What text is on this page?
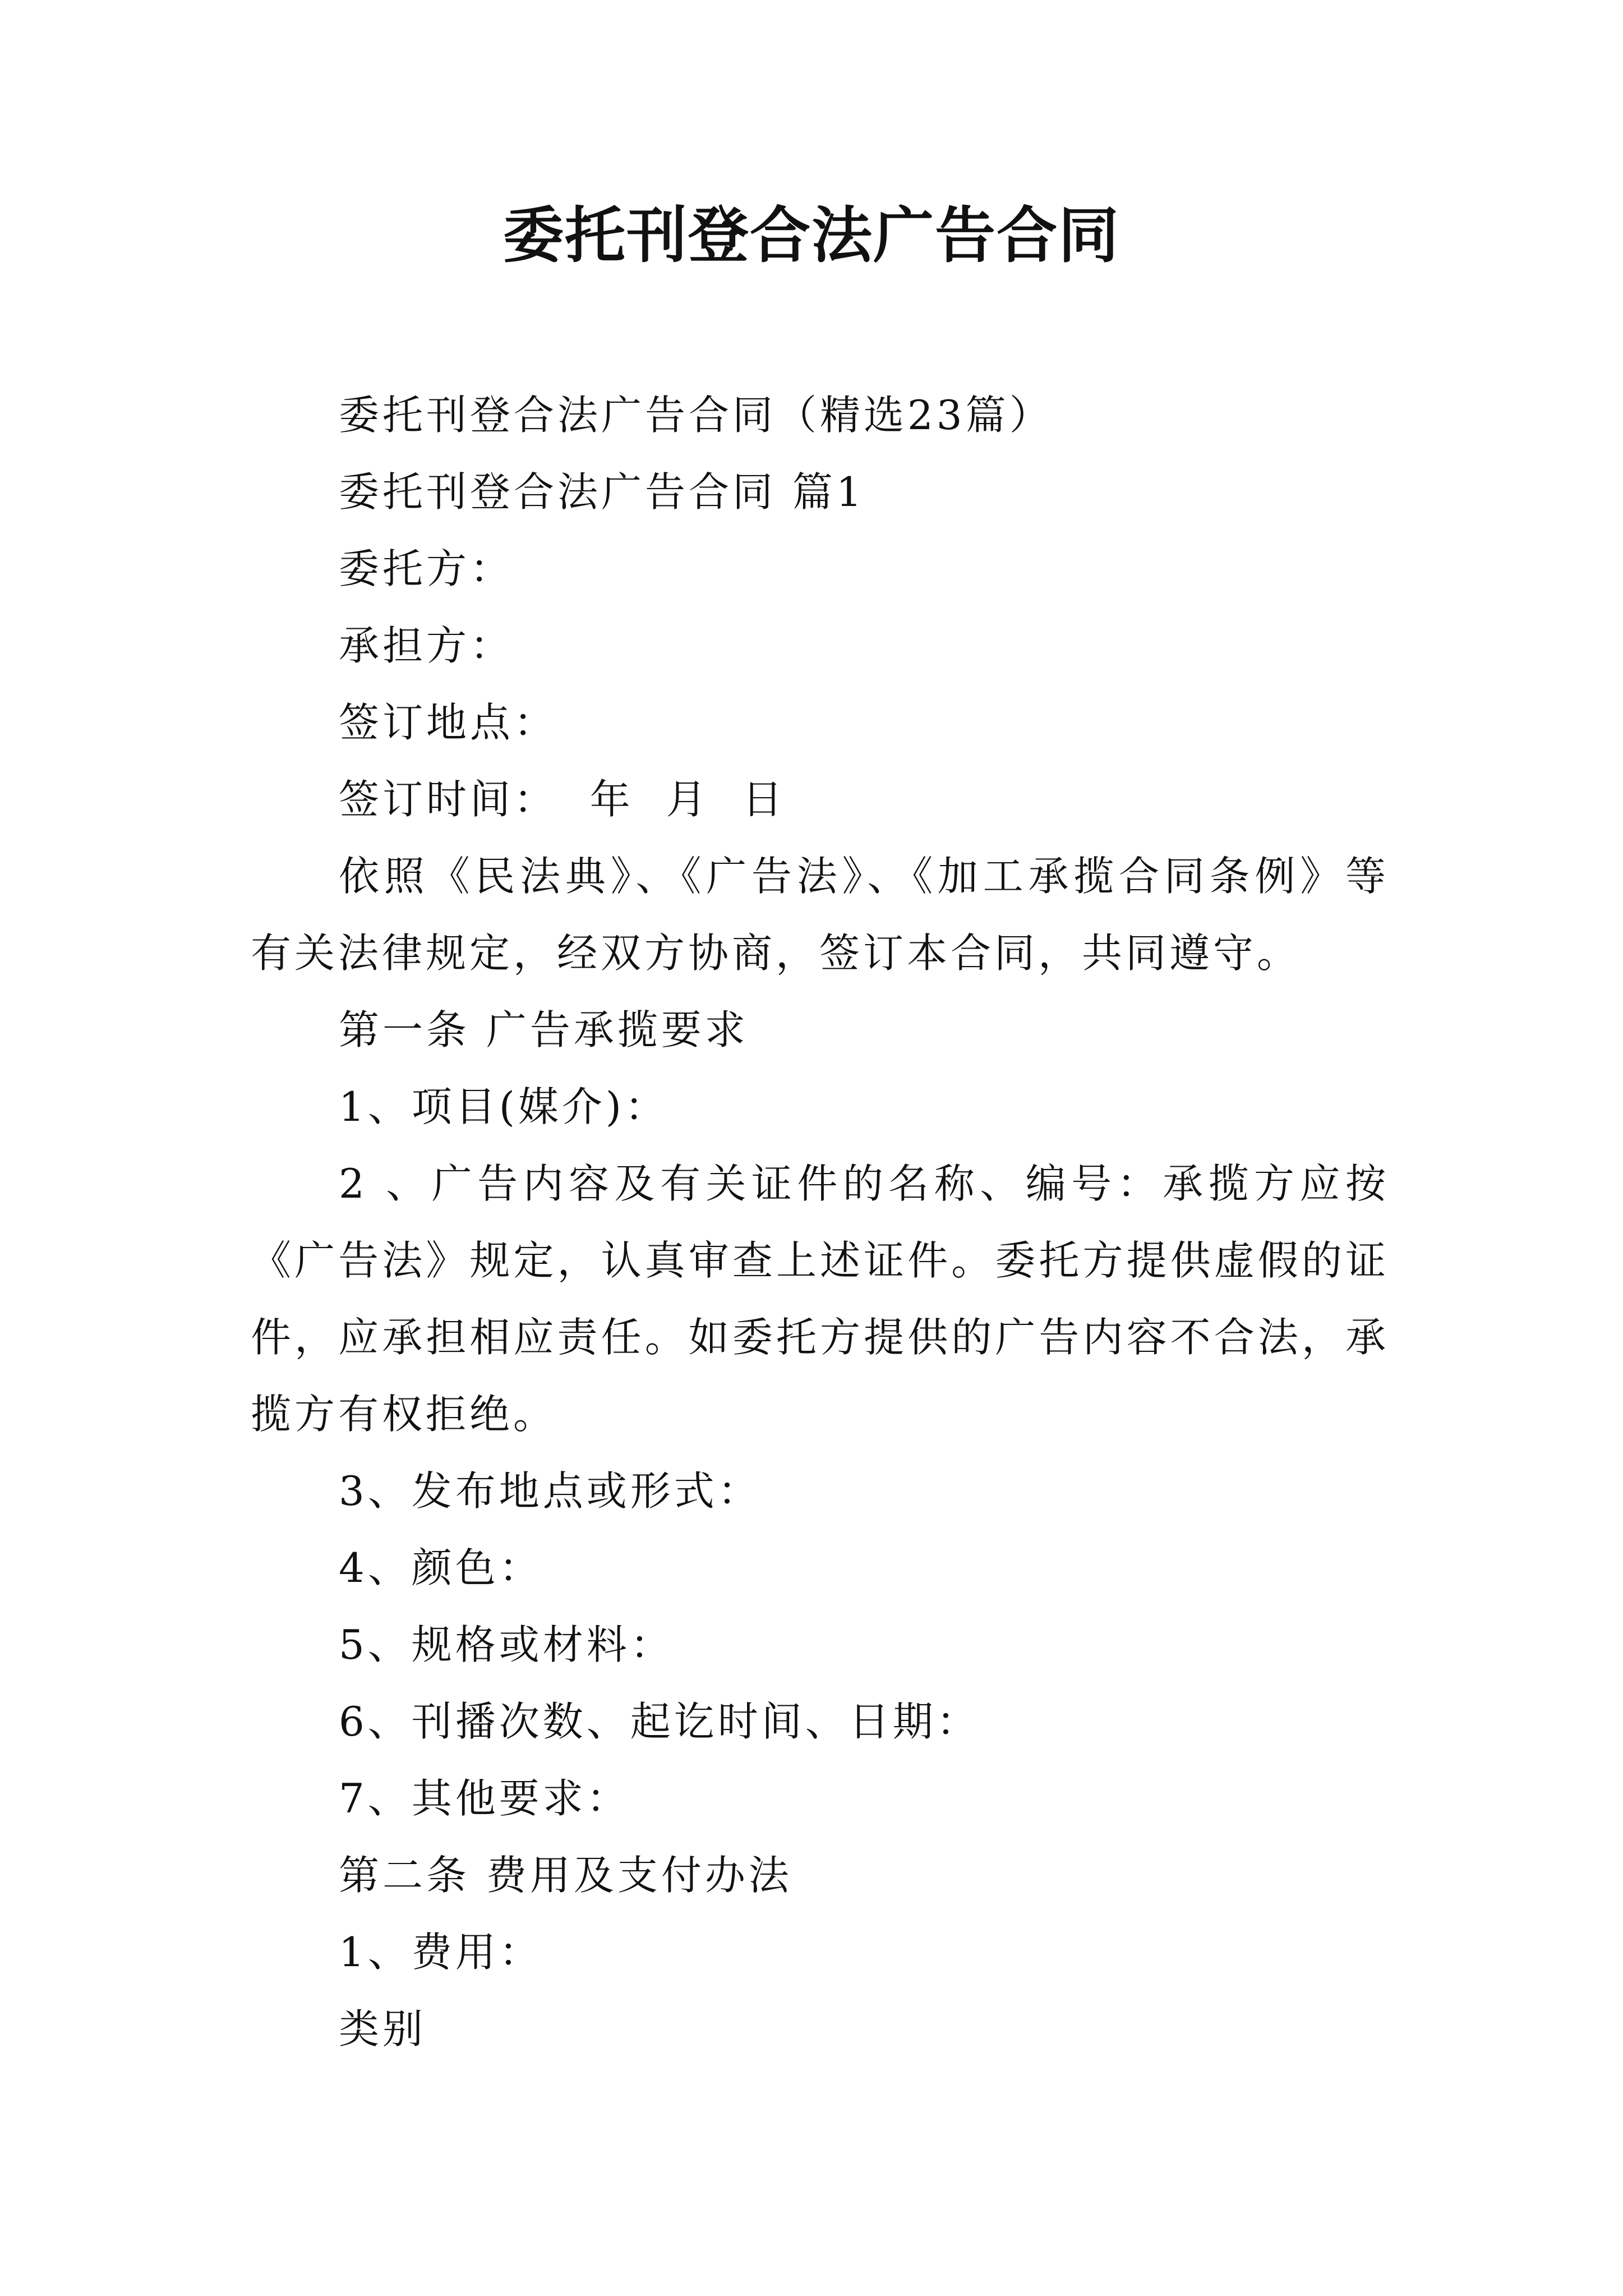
委托刊登合法广告合同

委托刊登合法广告合同（精选23篇）

委托刊登合法广告合同 篇1

委托方：

承担方：

签订地点：

签订时间：  年  月  日

依照《民法典》、《广告法》、《加工承揽合同条例》等有关法律规定，经双方协商，签订本合同，共同遵守。

第一条 广告承揽要求

1、项目(媒介)：

2 、广告内容及有关证件的名称、编号：承揽方应按《广告法》规定，认真审查上述证件。委托方提供虚假的证件，应承担相应责任。如委托方提供的广告内容不合法，承揽方有权拒绝。

3、发布地点或形式：

4、颜色：

5、规格或材料：

6、刊播次数、起讫时间、日期：

7、其他要求：

第二条 费用及支付办法

1、费用：

类别
